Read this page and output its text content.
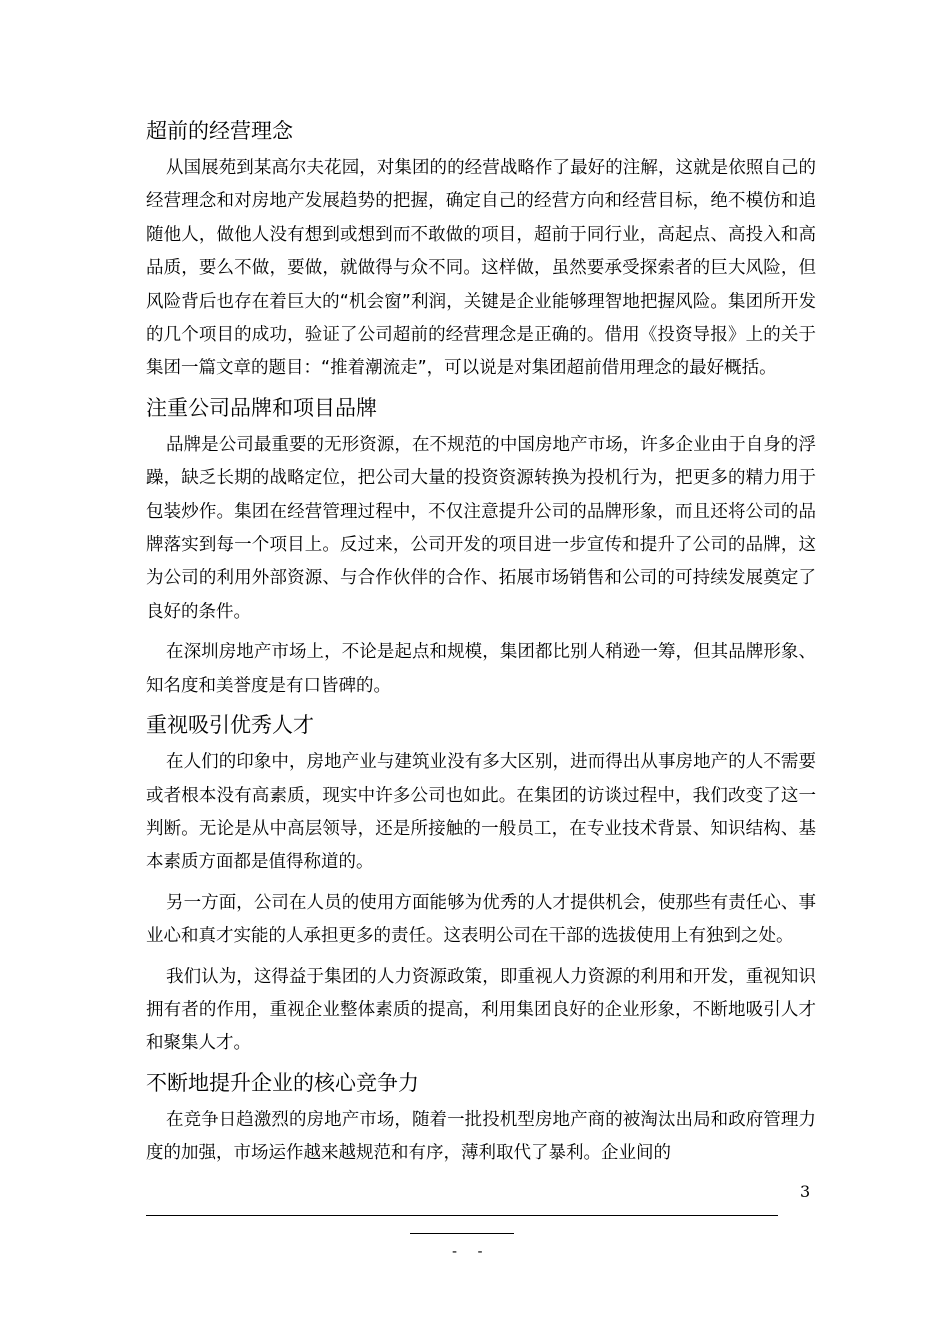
超前的经营理念

从国展苑到某高尔夫花园，对集团的的经营战略作了最好的注解，这就是依照自己的经营理念和对房地产发展趋势的把握，确定自己的经营方向和经营目标，绝不模仿和追随他人，做他人没有想到或想到而不敢做的项目，超前于同行业，高起点、高投入和高品质，要么不做，要做，就做得与众不同。这样做，虽然要承受探索者的巨大风险，但风险背后也存在着巨大的“机会窗”利润，关键是企业能够理智地把握风险。集团所开发的几个项目的成功，验证了公司超前的经营理念是正确的。借用《投资导报》上的关于集团一篇文章的题目：“推着潮流走”，可以说是对集团超前借用理念的最好概括。

注重公司品牌和项目品牌

品牌是公司最重要的无形资源，在不规范的中国房地产市场，许多企业由于自身的浮躁，缺乏长期的战略定位，把公司大量的投资资源转换为投机行为，把更多的精力用于包装炒作。集团在经营管理过程中，不仅注意提升公司的品牌形象，而且还将公司的品牌落实到每一个项目上。反过来，公司开发的项目进一步宣传和提升了公司的品牌，这为公司的利用外部资源、与合作伙伴的合作、拓展市场销售和公司的可持续发展奠定了良好的条件。

在深圳房地产市场上，不论是起点和规模，集团都比别人稍逊一筹，但其品牌形象、知名度和美誉度是有口皆碑的。

重视吸引优秀人才

在人们的印象中，房地产业与建筑业没有多大区别，进而得出从事房地产的人不需要或者根本没有高素质，现实中许多公司也如此。在集团的访谈过程中，我们改变了这一判断。无论是从中高层领导，还是所接触的一般员工，在专业技术背景、知识结构、基本素质方面都是值得称道的。

另一方面，公司在人员的使用方面能够为优秀的人才提供机会，使那些有责任心、事业心和真才实能的人承担更多的责任。这表明公司在干部的选拔使用上有独到之处。

我们认为，这得益于集团的人力资源政策，即重视人力资源的利用和开发，重视知识拥有者的作用，重视企业整体素质的提高，利用集团良好的企业形象，不断地吸引人才和聚集人才。

不断地提升企业的核心竞争力

在竞争日趋激烈的房地产市场，随着一批投机型房地产商的被淘汰出局和政府管理力度的加强，市场运作越来越规范和有序，薄利取代了暴利。企业间的

3
- -
